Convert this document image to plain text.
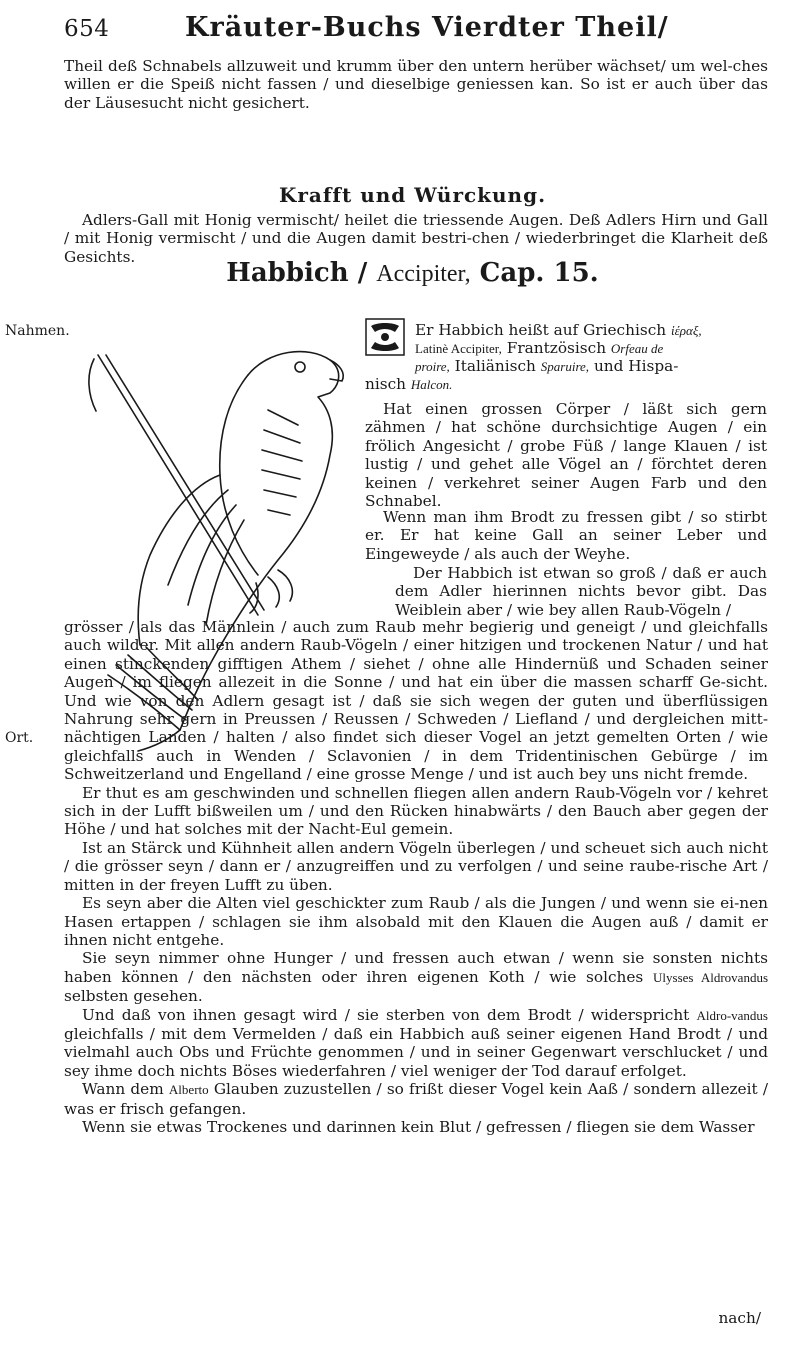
654	Kräuter-Buchs Vierdter Theil/

Theil deß Schnabels allzuweit und krumm über den untern herüber wächset/ um wel-ches willen er die Speiß nicht fassen / und dieselbige geniessen kan. So ist er auch über das der Läusesucht nicht gesichert.

Krafft und Würckung.

Adlers-Gall mit Honig vermischt/ heilet die triessende Augen. Deß Adlers Hirn und Gall / mit Honig vermischt / und die Augen damit bestri-chen / wiederbringet die Klarheit deß Gesichts.

Habbich / Accipiter, Cap. 15.
Nahmen.
Ort.
Er Habbich heißt auf Griechisch ἱέραξ,
Latinè Accipiter, Frantzösisch Orfeau de
proire, Italiänisch Sparuire, und Hispa-
nisch Halcon.

Hat einen grossen Cörper / läßt sich gern zähmen / hat schöne durchsichtige Augen / ein frölich Angesicht / grobe Füß / lange Klauen / ist lustig / und gehet alle Vögel an / förchtet deren keinen / verkehret seiner Augen Farb und den Schnabel.

Wenn man ihm Brodt zu fressen gibt / so stirbt er. Er hat keine Gall an seiner Leber und Eingeweyde / als auch der Weyhe.

Der Habbich ist etwan so groß / daß er auch dem Adler hierinnen nichts bevor gibt. Das Weiblein aber / wie bey allen Raub-Vögeln /

grösser / als das Männlein / auch zum Raub mehr begierig und geneigt / und gleichfalls auch wilder. Mit allen andern Raub-Vögeln / einer hitzigen und trockenen Natur / und hat einen stinckenden gifftigen Athem / siehet / ohne alle Hindernüß und Schaden seiner Augen / im fliegen allezeit in die Sonne / und hat ein über die massen scharff Ge-sicht. Und wie von den Adlern gesagt ist / daß sie sich wegen der guten und überflüssigen Nahrung sehr gern in Preussen / Reussen / Schweden / Liefland / und dergleichen mitt-nächtigen Landen / halten / also findet sich dieser Vogel an jetzt gemelten Orten / wie gleichfalls auch in Wenden / Sclavonien / in dem Tridentinischen Gebürge / im Schweitzerland und Engelland / eine grosse Menge / und ist auch bey uns nicht fremde.

Er thut es am geschwinden und schnellen fliegen allen andern Raub-Vögeln vor / kehret sich in der Lufft bißweilen um / und den Rücken hinabwärts / den Bauch aber gegen der Höhe / und hat solches mit der Nacht-Eul gemein.

Ist an Stärck und Kühnheit allen andern Vögeln überlegen / und scheuet sich auch nicht / die grösser seyn / dann er / anzugreiffen und zu verfolgen / und seine raube-rische Art / mitten in der freyen Lufft zu üben.

Es seyn aber die Alten viel geschickter zum Raub / als die Jungen / und wenn sie ei-nen Hasen ertappen / schlagen sie ihm alsobald mit den Klauen die Augen auß / damit er ihnen nicht entgehe.

Sie seyn nimmer ohne Hunger / und fressen auch etwan / wenn sie sonsten nichts haben können / den nächsten oder ihren eigenen Koth / wie solches Ulysses Aldrovandus selbsten gesehen.

Und daß von ihnen gesagt wird / sie sterben von dem Brodt / widerspricht Aldro-vandus gleichfalls / mit dem Vermelden / daß ein Habbich auß seiner eigenen Hand Brodt / und vielmahl auch Obs und Früchte genommen / und in seiner Gegenwart verschlucket / und sey ihme doch nichts Böses wiederfahren / viel weniger der Tod darauf erfolget.

Wann dem Alberto Glauben zuzustellen / so frißt dieser Vogel kein Aaß / sondern allezeit / was er frisch gefangen.

Wenn sie etwas Trockenes und darinnen kein Blut / gefressen / fliegen sie dem Wasser

nach/
